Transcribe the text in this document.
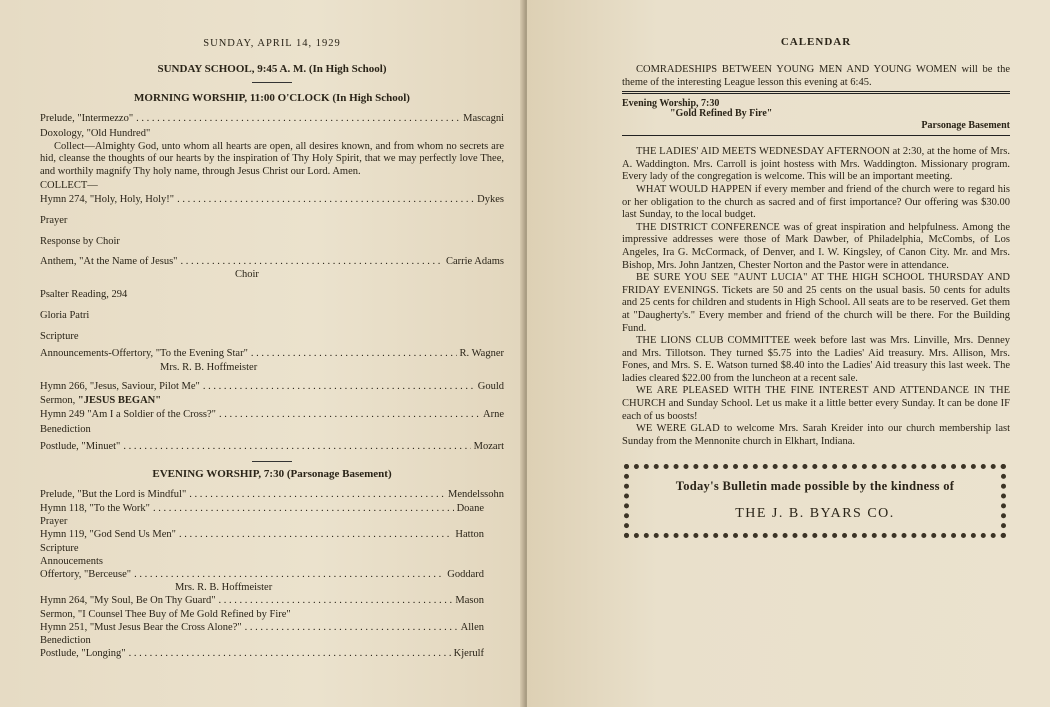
SUNDAY, APRIL 14, 1929
SUNDAY SCHOOL, 9:45 A. M. (In High School)
MORNING WORSHIP, 11:00 O'CLOCK (In High School)
Prelude, "Intermezzo" . . .	Mascagni
Doxology, "Old Hundred"

Collect—Almighty God, unto whom all hearts are open, all desires known, and from whom no secrets are hid, cleanse the thoughts of our hearts by the inspiration of Thy Holy Spirit, that we may perfectly love Thee, and worthily magnify Thy holy name, through Jesus Christ our Lord. Amen.

COLLECT—
Hymn 274, "Holy, Holy, Holy!" . . .	Dykes
Prayer
Response by Choir
Anthem, "At the Name of Jesus" . . .	Carrie Adams
Choir
Psalter Reading, 294
Gloria Patri
Scripture
Announcements-Offertory, "To the Evening Star" . . .	R. Wagner
Mrs. R. B. Hoffmeister
Hymn 266, "Jesus, Saviour, Pilot Me" . . .	Gould
Sermon, "JESUS BEGAN"
Hymn 249 "Am I a Soldier of the Cross?" . . .	Arne
Benediction
Postlude, "Minuet" . . .	Mozart
EVENING WORSHIP, 7:30 (Parsonage Basement)
Prelude, "But the Lord is Mindful" . . .	Mendelssohn
Hymn 118, "To the Work" . . .	Doane
Prayer
Hymn 119, "God Send Us Men" . . .	Hatton
Scripture
Annoucements
Offertory, "Berceuse" . . .	Goddard
Mrs. R. B. Hoffmeister
Hymn 264, "My Soul, Be On Thy Guard" . . .	Mason
Sermon, "I Counsel Thee Buy of Me Gold Refined by Fire"
Hymn 251, "Must Jesus Bear the Cross Alone?" . . .	Allen
Benediction
Postlude, "Longing" . . .	Kjerulf
CALENDAR

COMRADESHIPS BETWEEN YOUNG MEN AND YOUNG WOMEN will be the theme of the interesting League lesson this evening at 6:45.

Evening Worship, 7:30
"Gold Refined By Fire"
Parsonage Basement

THE LADIES' AID MEETS WEDNESDAY AFTERNOON at 2:30, at the home of Mrs. A. Waddington. Mrs. Carroll is joint hostess with Mrs. Waddington. Missionary program. Every lady of the congregation is welcome. This will be an important meeting.

WHAT WOULD HAPPEN if every member and friend of the church were to regard his or her obligation to the church as sacred and of first importance? Our offering was $30.00 last Sunday, to the local budget.

THE DISTRICT CONFERENCE was of great inspiration and helpfulness. Among the impressive addresses were those of Mark Dawber, of Philadelphia, McCombs, of Los Angeles, Ira G. McCormack, of Denver, and I. W. Kingsley, of Canon City. Mr. and Mrs. Bishop, Mrs. John Jantzen, Chester Norton and the Pastor were in attendance.

BE SURE YOU SEE "AUNT LUCIA" AT THE HIGH SCHOOL THURSDAY AND FRIDAY EVENINGS. Tickets are 50 and 25 cents on the usual basis. 50 cents for adults and 25 cents for children and students in High School. All seats are to be reserved. Get them at "Daugherty's." Every member and friend of the church will be there. For the Building Fund.

THE LIONS CLUB COMMITTEE week before last was Mrs. Linville, Mrs. Denney and Mrs. Tillotson. They turned $5.75 into the Ladies' Aid treasury. Mrs. Allison, Mrs. Fones, and Mrs. S. E. Watson turned $8.40 into the Ladies' Aid treasury this last week. The ladies cleared $22.00 from the luncheon at a recent sale.

WE ARE PLEASED WITH THE FINE INTEREST AND ATTENDANCE IN THE CHURCH and Sunday School. Let us make it a little better every Sunday. It can be done IF each of us boosts!

WE WERE GLAD to welcome Mrs. Sarah Kreider into our church membership last Sunday from the Mennonite church in Elkhart, Indiana.

Today's Bulletin made possible by the kindness of
THE J. B. BYARS CO.
